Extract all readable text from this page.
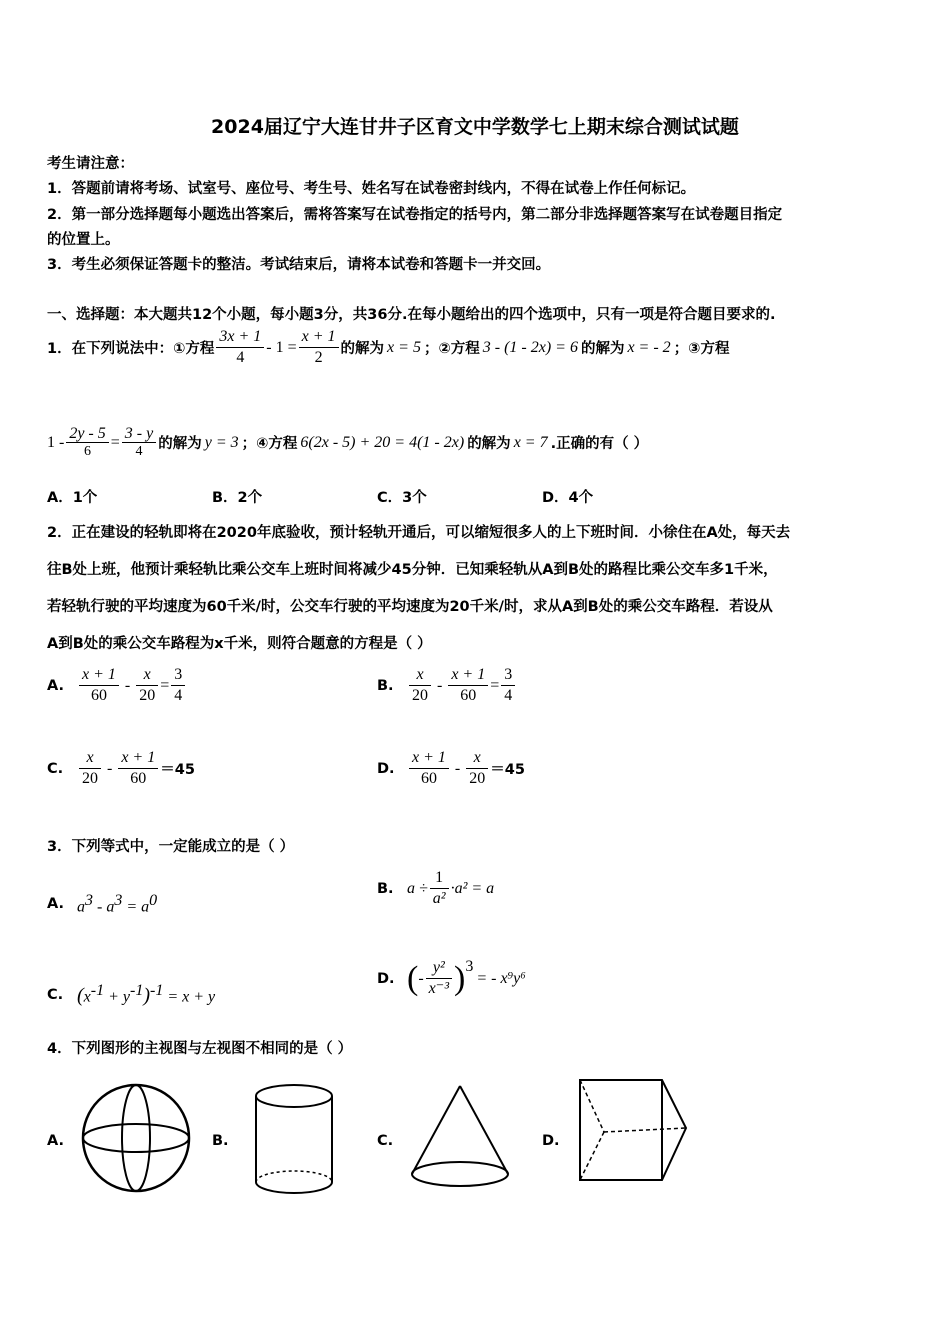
2024届辽宁大连甘井子区育文中学数学七上期末综合测试试题
考生请注意：
1．答题前请将考场、试室号、座位号、考生号、姓名写在试卷密封线内，不得在试卷上作任何标记。
2．第一部分选择题每小题选出答案后，需将答案写在试卷指定的括号内，第二部分非选择题答案写在试卷题目指定
的位置上。
3．考生必须保证答题卡的整洁。考试结束后，请将本试卷和答题卡一并交回。
一、选择题：本大题共12个小题，每小题3分，共36分.在每小题给出的四个选项中，只有一项是符合题目要求的.
1．在下列说法中：①方程 $\frac{3x + 1}{4} - 1 = \frac{x + 1}{2}$ 的解为 x = 5 ；②方程 3 - (1 - 2x) = 6 的解为 x = - 2 ；③方程
$1 - \frac{2y - 5}{6} = \frac{3 - y}{4}$ 的解为 y = 3 ；④方程 6(2x - 5) + 20 = 4(1 - 2x) 的解为 x = 7 .正确的有（ ）
A．1个	B．2个	C．3个	D．4个
2．正在建设的轻轨即将在2020年底验收，预计轻轨开通后，可以缩短很多人的上下班时间．小徐住在A处，每天去
往B处上班，他预计乘轻轨比乘公交车上班时间将减少45分钟．已知乘轻轨从A到B处的路程比乘公交车多1千米，
若轻轨行驶的平均速度为60千米/时，公交车行驶的平均速度为20千米/时，求从A到B处的乘公交车路程．若设从
A到B处的乘公交车路程为x千米，则符合题意的方程是（ ）
A. $\frac{x + 1}{60} - \frac{x}{20} = \frac{3}{4}$	B. $\frac{x}{20} - \frac{x + 1}{60} = \frac{3}{4}$
C. $\frac{x}{20} - \frac{x + 1}{60} =45$	D. $\frac{x + 1}{60} - \frac{x}{20} =45$
3．下列等式中，一定能成立的是（ ）
A. $a^3 - a^3 = a^0$
B. $a \div \frac{1}{\text{a²}} \cdot a^2 = a$
C. $(x^{-1} + y^{-1})^{-1} = x + y$
D. ( - $\frac{\text{y²}}{\text{x⁻³}}$ ) 3
= - x⁹y⁶
4．下列图形的主视图与左视图不相同的是（ ）
A.	B.	C.	D.
